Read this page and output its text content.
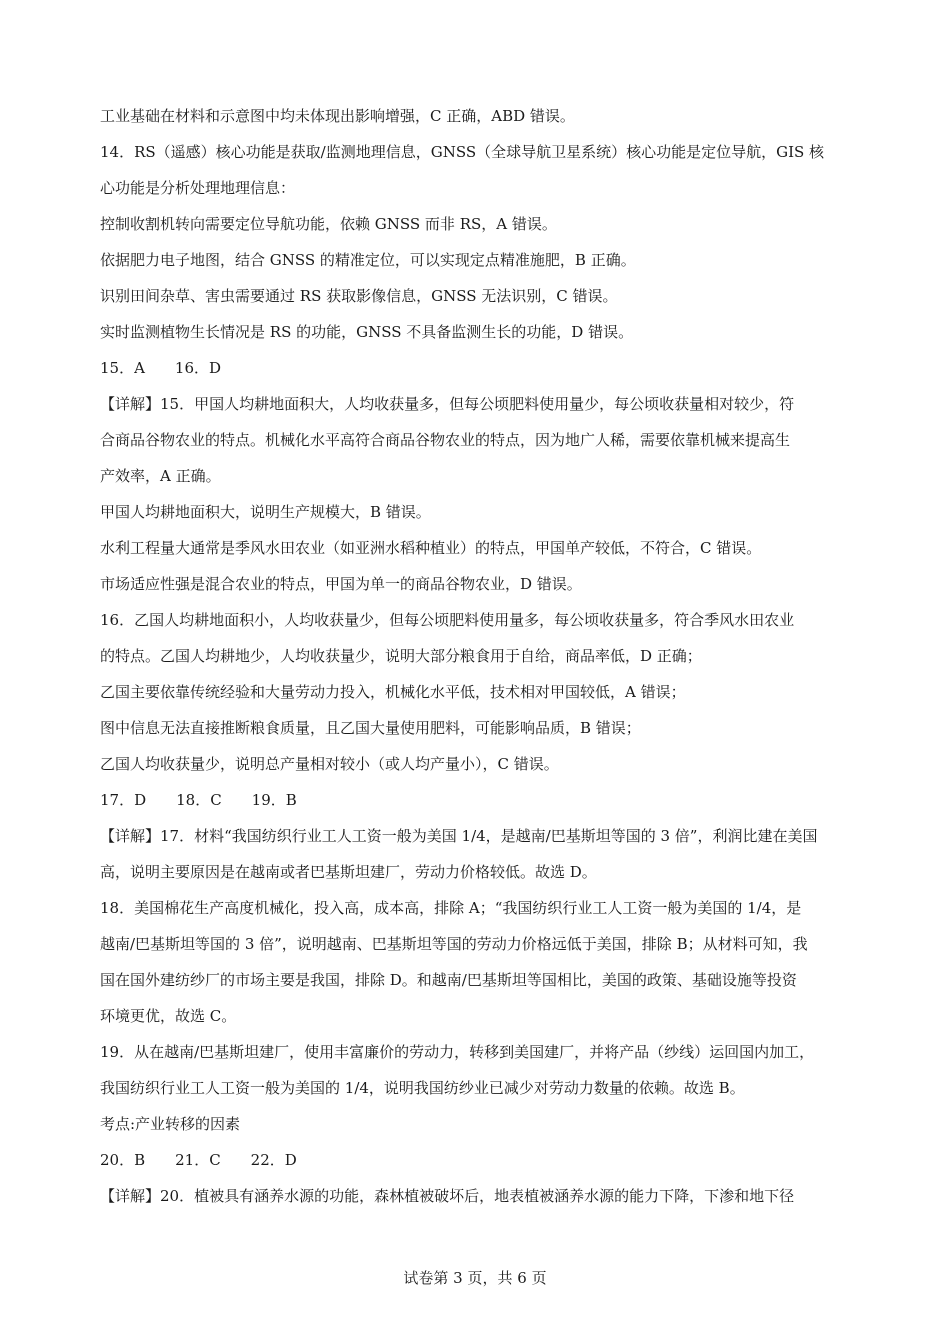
工业基础在材料和示意图中均未体现出影响增强，C 正确，ABD 错误。
14．RS（遥感）核心功能是获取/监测地理信息，GNSS（全球导航卫星系统）核心功能是定位导航，GIS 核
心功能是分析处理地理信息：
控制收割机转向需要定位导航功能，依赖 GNSS 而非 RS，A 错误。
依据肥力电子地图，结合 GNSS 的精准定位，可以实现定点精准施肥，B 正确。
识别田间杂草、害虫需要通过 RS 获取影像信息，GNSS 无法识别，C 错误。
实时监测植物生长情况是 RS 的功能，GNSS 不具备监测生长的功能，D 错误。
15．A　　16．D
【详解】15．甲国人均耕地面积大，人均收获量多，但每公顷肥料使用量少，每公顷收获量相对较少，符
合商品谷物农业的特点。机械化水平高符合商品谷物农业的特点，因为地广人稀，需要依靠机械来提高生
产效率，A 正确。
甲国人均耕地面积大，说明生产规模大，B 错误。
水利工程量大通常是季风水田农业（如亚洲水稻种植业）的特点，甲国单产较低，不符合，C 错误。
市场适应性强是混合农业的特点，甲国为单一的商品谷物农业，D 错误。
16．乙国人均耕地面积小，人均收获量少，但每公顷肥料使用量多，每公顷收获量多，符合季风水田农业
的特点。乙国人均耕地少，人均收获量少，说明大部分粮食用于自给，商品率低，D 正确；
乙国主要依靠传统经验和大量劳动力投入，机械化水平低，技术相对甲国较低，A 错误；
图中信息无法直接推断粮食质量，且乙国大量使用肥料，可能影响品质，B 错误；
乙国人均收获量少，说明总产量相对较小（或人均产量小），C 错误。
17．D　　18．C　　19．B
【详解】17．材料“我国纺织行业工人工资一般为美国 1/4，是越南/巴基斯坦等国的 3 倍”，利润比建在美国
高，说明主要原因是在越南或者巴基斯坦建厂，劳动力价格较低。故选 D。
18．美国棉花生产高度机械化，投入高，成本高，排除 A；“我国纺织行业工人工资一般为美国的 1/4，是
越南/巴基斯坦等国的 3 倍”，说明越南、巴基斯坦等国的劳动力价格远低于美国，排除 B；从材料可知，我
国在国外建纺纱厂的市场主要是我国，排除 D。和越南/巴基斯坦等国相比，美国的政策、基础设施等投资
环境更优，故选 C。
19．从在越南/巴基斯坦建厂，使用丰富廉价的劳动力，转移到美国建厂，并将产品（纱线）运回国内加工，
我国纺织行业工人工资一般为美国的 1/4，说明我国纺纱业已减少对劳动力数量的依赖。故选 B。
考点:产业转移的因素
20．B　　21．C　　22．D
【详解】20．植被具有涵养水源的功能，森林植被破坏后，地表植被涵养水源的能力下降，下渗和地下径
试卷第 3 页，共 6 页
